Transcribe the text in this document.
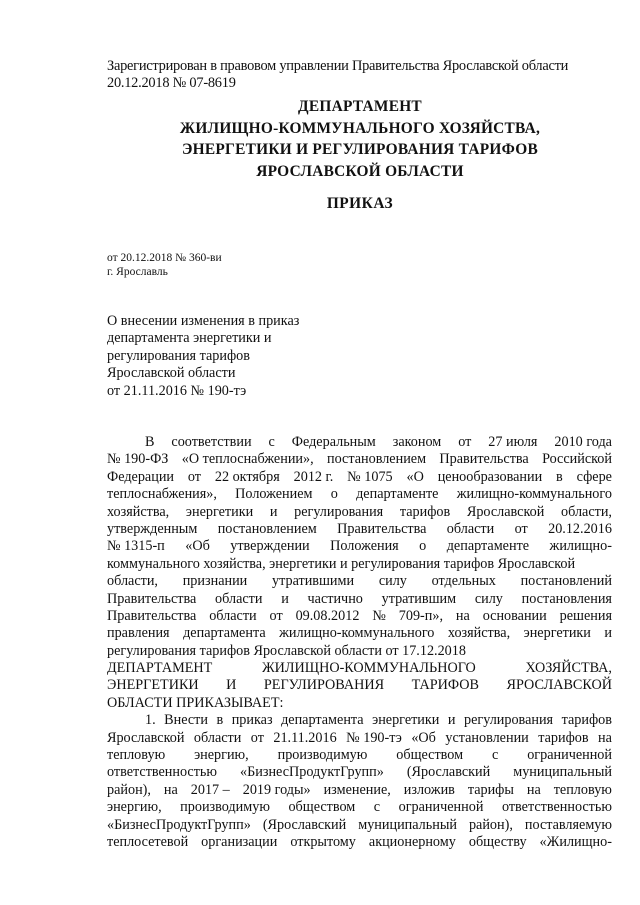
Зарегистрирован в правовом управлении Правительства Ярославской области
20.12.2018 № 07-8619
ДЕПАРТАМЕНТ
ЖИЛИЩНО-КОММУНАЛЬНОГО ХОЗЯЙСТВА,
ЭНЕРГЕТИКИ И РЕГУЛИРОВАНИЯ ТАРИФОВ
ЯРОСЛАВСКОЙ ОБЛАСТИ
ПРИКАЗ
от 20.12.2018 № 360-ви
г. Ярославль
О внесении изменения в приказ
департамента энергетики и
регулирования тарифов
Ярославской области
от 21.11.2016 № 190-тэ
В соответствии с Федеральным законом от 27 июля 2010 года
№ 190-ФЗ «О теплоснабжении», постановлением Правительства Российской
Федерации от 22 октября 2012 г. № 1075 «О ценообразовании в сфере
теплоснабжения», Положением о департаменте жилищно-коммунального
хозяйства, энергетики и регулирования тарифов Ярославской области,
утвержденным постановлением Правительства области от 20.12.2016
№ 1315-п «Об утверждении Положения о департаменте жилищно-
коммунального хозяйства, энергетики и регулирования тарифов Ярославской
области, признании утратившими силу отдельных постановлений
Правительства области и частично утратившим силу постановления
Правительства области от 09.08.2012 № 709-п», на основании решения
правления департамента жилищно-коммунального хозяйства, энергетики и
регулирования тарифов Ярославской области от 17.12.2018
ДЕПАРТАМЕНТ	ЖИЛИЩНО-КОММУНАЛЬНОГО	ХОЗЯЙСТВА,
ЭНЕРГЕТИКИ И РЕГУЛИРОВАНИЯ ТАРИФОВ ЯРОСЛАВСКОЙ
ОБЛАСТИ ПРИКАЗЫВАЕТ:
1. Внести в приказ департамента энергетики и регулирования тарифов
Ярославской области от 21.11.2016 № 190-тэ «Об установлении тарифов на
тепловую энергию, производимую обществом с ограниченной
ответственностью «БизнесПродуктГрупп» (Ярославский муниципальный
район), на 2017 – 2019 годы» изменение, изложив тарифы на тепловую
энергию, производимую обществом с ограниченной ответственностью
«БизнесПродуктГрупп» (Ярославский муниципальный район), поставляемую
теплосетевой организации открытому акционерному обществу «Жилищно-
